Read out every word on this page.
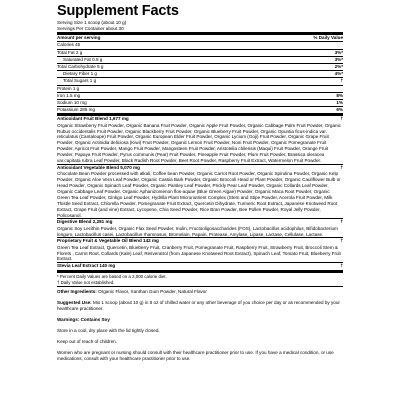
Supplement Facts
Serving Size 1 scoop (about 10 g)
Servings Per Container about 30
Amount per serving	% Daily Value
Calories 45
Total Fat 2 g	3%*
Saturated Fat 0.5 g	3%*
Total Carbohydrate 5 g	2%*
Dietary Fiber 1 g	4%*
Total Sugars 1 g	†
Protein 1 g
Iron 1.5 mg	8%
Sodium 10 mg	1%
Potassium 285 mg	6%
Antioxidant Fruit Blend 1,677 mg	†
Organic Strawberry Fruit Powder, Organic Banana Fruit Powder, Organic Apple Fruit Powder, Organic Cabbage Palm Fruit Powder, Organic Rubus occidentalis Fruit Powder, Organic Blackberry Fruit Powder, Organic Blueberry Fruit Powder, Organic Opuntia ficus-indica var. reticulatus (Cantaloupe) Fruit Powder, Organic European Elder Fruit Powder, Organic Lycium (Goji) Fruit Powder, Organic Grape Fruit Powder, Organic Actinidia deliciosa (Kiwi) Fruit Powder, Organic Lemon Fruit Powder, Noni Fruit Powder, Organic Pomegranate Fruit Powder, Apricot Fruit Powder, Mango Fruit Powder, Mangosteen Fruit Powder, Aristotelia chilensis (Maqui) Fruit Powder, Orange Fruit Powder, Papaya Fruit Powder, Pyrus communis (Pear) Fruit Powder, Pineapple Fruit Powder, Plum Fruit Powder, Brassica oleracea var.capitata rubra Leaf Powder, Black Radish Root Powder, Beet Root Powder, Raspberry Fruit Extract, Watermelon Fruit Powder.
Antioxidant Vegetable Blend 5,070 mg	†
Chocolate Bean Powder processed with alkali, Coffee bean Powder, Organic Carrot Root Powder, Organic Spirulina Powder, Organic Kelp Powder, Organic Aloe Vera Leaf Powder, Organic Cassia Bark Powder, Organic Broccoli Head or Plant Powder, Organic Cauliflower Bulb or Head Powder, Organic Spinach Leaf Powder, Organic Parsley Leaf Powder, Prickly Pear Leaf Powder, Organic Collards Leaf Powder, Organic Cabbage Leaf Powder, Organic Aphanizomenon flos-aquae (Blue Green Algae) Powder, Organic Maca Root Powder, Organic Green Tea Leaf Powder, Ginkgo Leaf Powder, Hydrilla Plant Micronutrient Complex (Stem and Stipe Powder, Acerola Fruit Powder, Milk Thistle Seed Extract, Chlorella Powder, Pomegranate Fruit Extract, Quercetin Dihydrate, Turmeric Root Extract, Japanese Knotweed Root Extract, Grape Fruit (and vine) Extract, Lycopene, Chia Seed Powder, Rice Bran Powder, Bee Pollen Powder, Royal Jelly Powder, Policosanol.
Digestive Blend 2,281 mg	†
Organic Soy Lecithin Powder, Organic Flax Seed Powder, Inulin, Fructooligosaccharides (FOS), Lactobacillus acidophilus, Bifidobacterium longum, Lactobacillus casei, Lactobacillus rhamnosus, Bromelain, Papain, Protease, Amylase, Lipase, Lactase, Cellulase, Lactase.
Proprietary Fruit & Vegetable Oil Blend 142 mg	†
Green Tea Leaf Extract, Quercetin, Blueberry Fruit, Cranberry Fruit, Pomegranate Fruit, Raspberry Fruit, Strawberry Fruit, Broccoli Stem & Florets , Carrot Root, Collards (Kale) Leaf, Resveratrol (from Japanese Knotweed Root Extract), Spinach Leaf, Tomato Fruit, Blueberry Fruit Extract.
Stevia Leaf Extract 140 mg	†
* Percent Daily Values are based on a 2,000 calorie diet.
† Daily Value not established.
Other Ingredients: Organic Flavor, Xanthan Gum Powder, Natural Flavor
Suggested Use: Mix 1 scoop (about 10 g) in 8 oz of chilled water or any other beverage of you choice per day or as recommended by your healthcare practitioner.
Warnings: Contains Soy
Store in a cool, dry place with the lid tightly closed.
Keep out of reach of children.
Women who are pregnant or nursing should consult with their healthcare practitioner prior to use. If you have a medical condition, or use medications, consult with your healthcare practitioner prior to use.
